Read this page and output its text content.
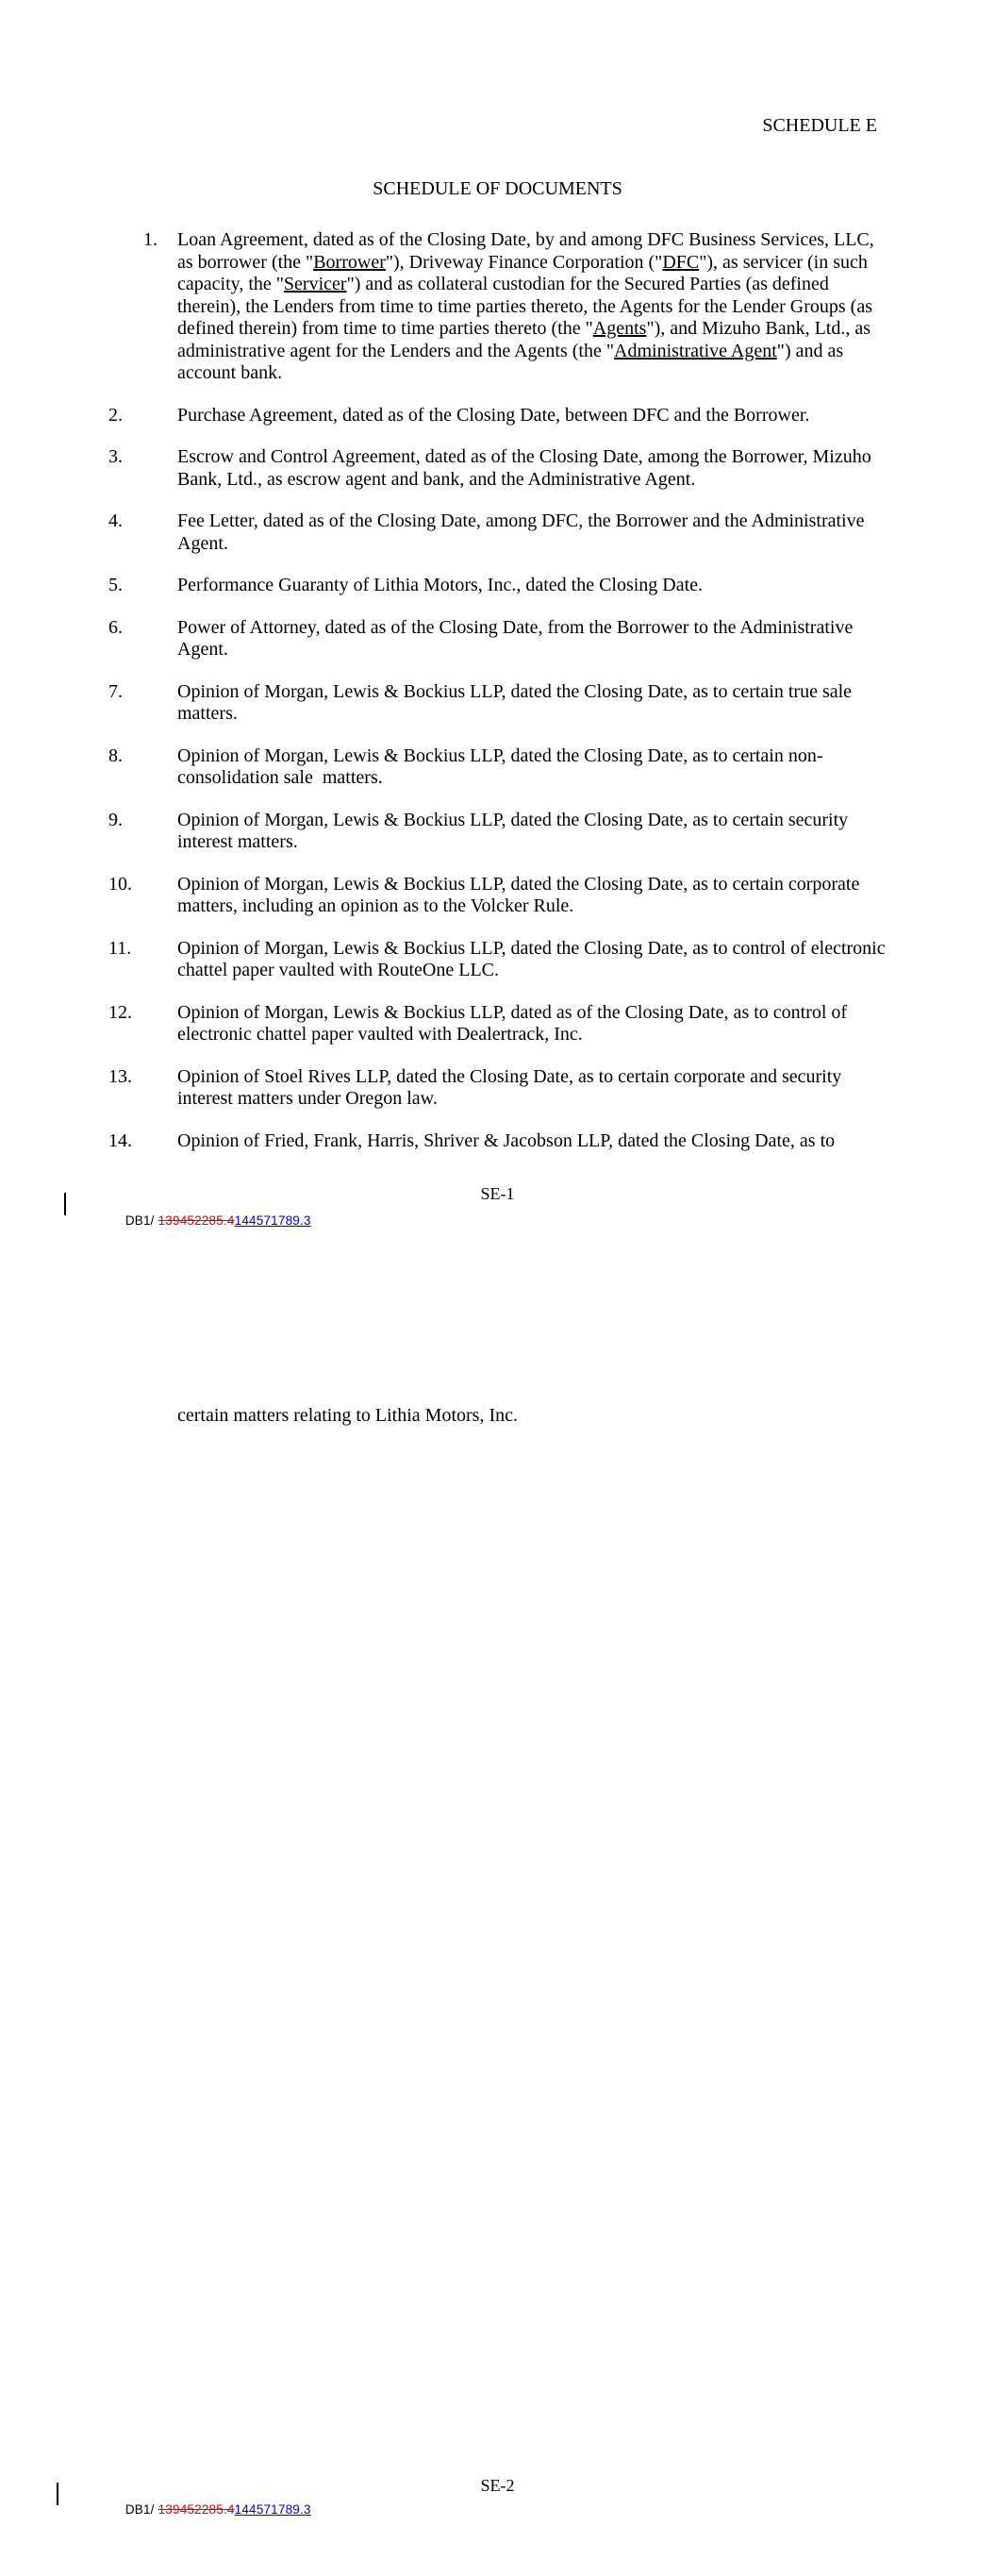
SCHEDULE E
SCHEDULE OF DOCUMENTS
1.	Loan Agreement, dated as of the Closing Date, by and among DFC Business Services, LLC, as borrower (the "Borrower"), Driveway Finance Corporation ("DFC"), as servicer (in such capacity, the "Servicer") and as collateral custodian for the Secured Parties (as defined therein), the Lenders from time to time parties thereto, the Agents for the Lender Groups (as defined therein) from time to time parties thereto (the "Agents"), and Mizuho Bank, Ltd., as administrative agent for the Lenders and the Agents (the "Administrative Agent") and as account bank.
2.	Purchase Agreement, dated as of the Closing Date, between DFC and the Borrower.
3.	Escrow and Control Agreement, dated as of the Closing Date, among the Borrower, Mizuho Bank, Ltd., as escrow agent and bank, and the Administrative Agent.
4.	Fee Letter, dated as of the Closing Date, among DFC, the Borrower and the Administrative Agent.
5.	Performance Guaranty of Lithia Motors, Inc., dated the Closing Date.
6.	Power of Attorney, dated as of the Closing Date, from the Borrower to the Administrative Agent.
7.	Opinion of Morgan, Lewis & Bockius LLP, dated the Closing Date, as to certain true sale matters.
8.	Opinion of Morgan, Lewis & Bockius LLP, dated the Closing Date, as to certain non-consolidation sale  matters.
9.	Opinion of Morgan, Lewis & Bockius LLP, dated the Closing Date, as to certain security interest matters.
10.	Opinion of Morgan, Lewis & Bockius LLP, dated the Closing Date, as to certain corporate matters, including an opinion as to the Volcker Rule.
11.	Opinion of Morgan, Lewis & Bockius LLP, dated the Closing Date, as to control of electronic chattel paper vaulted with RouteOne LLC.
12.	Opinion of Morgan, Lewis & Bockius LLP, dated as of the Closing Date, as to control of electronic chattel paper vaulted with Dealertrack, Inc.
13.	Opinion of Stoel Rives LLP, dated the Closing Date, as to certain corporate and security interest matters under Oregon law.
14.	Opinion of Fried, Frank, Harris, Shriver & Jacobson LLP, dated the Closing Date, as to
certain matters relating to Lithia Motors, Inc.

DB1/ 139452285.4144571789.3

SE-1

DB1/ 139452285.4144571789.3

SE-2
